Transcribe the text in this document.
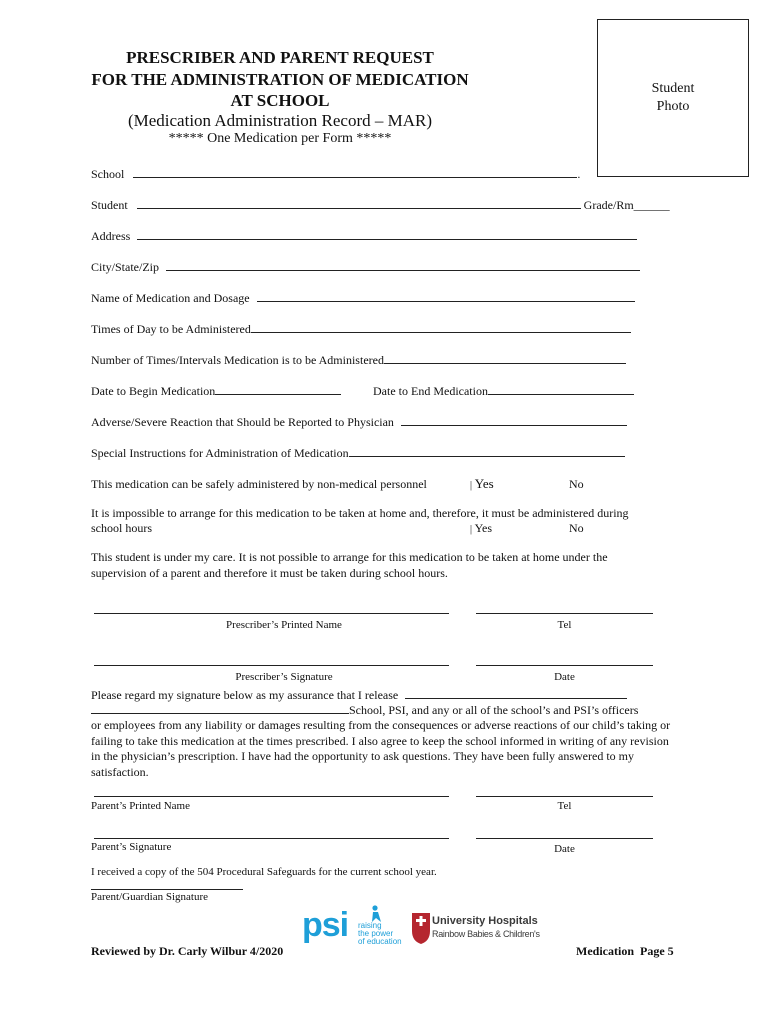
PRESCRIBER AND PARENT REQUEST
FOR THE ADMINISTRATION OF MEDICATION
AT SCHOOL
(Medication Administration Record – MAR)
***** One Medication per Form *****
Student
Photo
School	.
Student	Grade/Rm______
Address
City/State/Zip
Name of Medication and Dosage
Times of Day to be Administered
Number of Times/Intervals Medication is to be Administered
Date to Begin Medication	Date to End Medication
Adverse/Severe Reaction that Should be Reported to Physician
Special Instructions for Administration of Medication
This medication can be safely administered by non-medical personnel	| Yes	No
It is impossible to arrange for this medication to be taken at home and, therefore, it must be administered during
school hours	| Yes	No
This student is under my care. It is not possible to arrange for this medication to be taken at home under the supervision of a parent and therefore it must be taken during school hours.
Prescriber’s Printed Name	Tel
Prescriber’s Signature	Date
Please regard my signature below as my assurance that I release
School, PSI, and any or all of the school’s and PSI’s officers
or employees from any liability or damages resulting from the consequences or adverse reactions of our child’s taking or failing to take this medication at the times prescribed. I also agree to keep the school informed in writing of any revision in the physician’s prescription. I have had the opportunity to ask questions. They have been fully answered to my satisfaction.
Parent’s Printed Name	Tel
Parent’s Signature	Date
I received a copy of the 504 Procedural Safeguards for the current school year.
Parent/Guardian Signature
psi raising
the power
of education
University Hospitals
Rainbow Babies & Children's
Reviewed by Dr. Carly Wilbur 4/2020	Medication  Page 5
